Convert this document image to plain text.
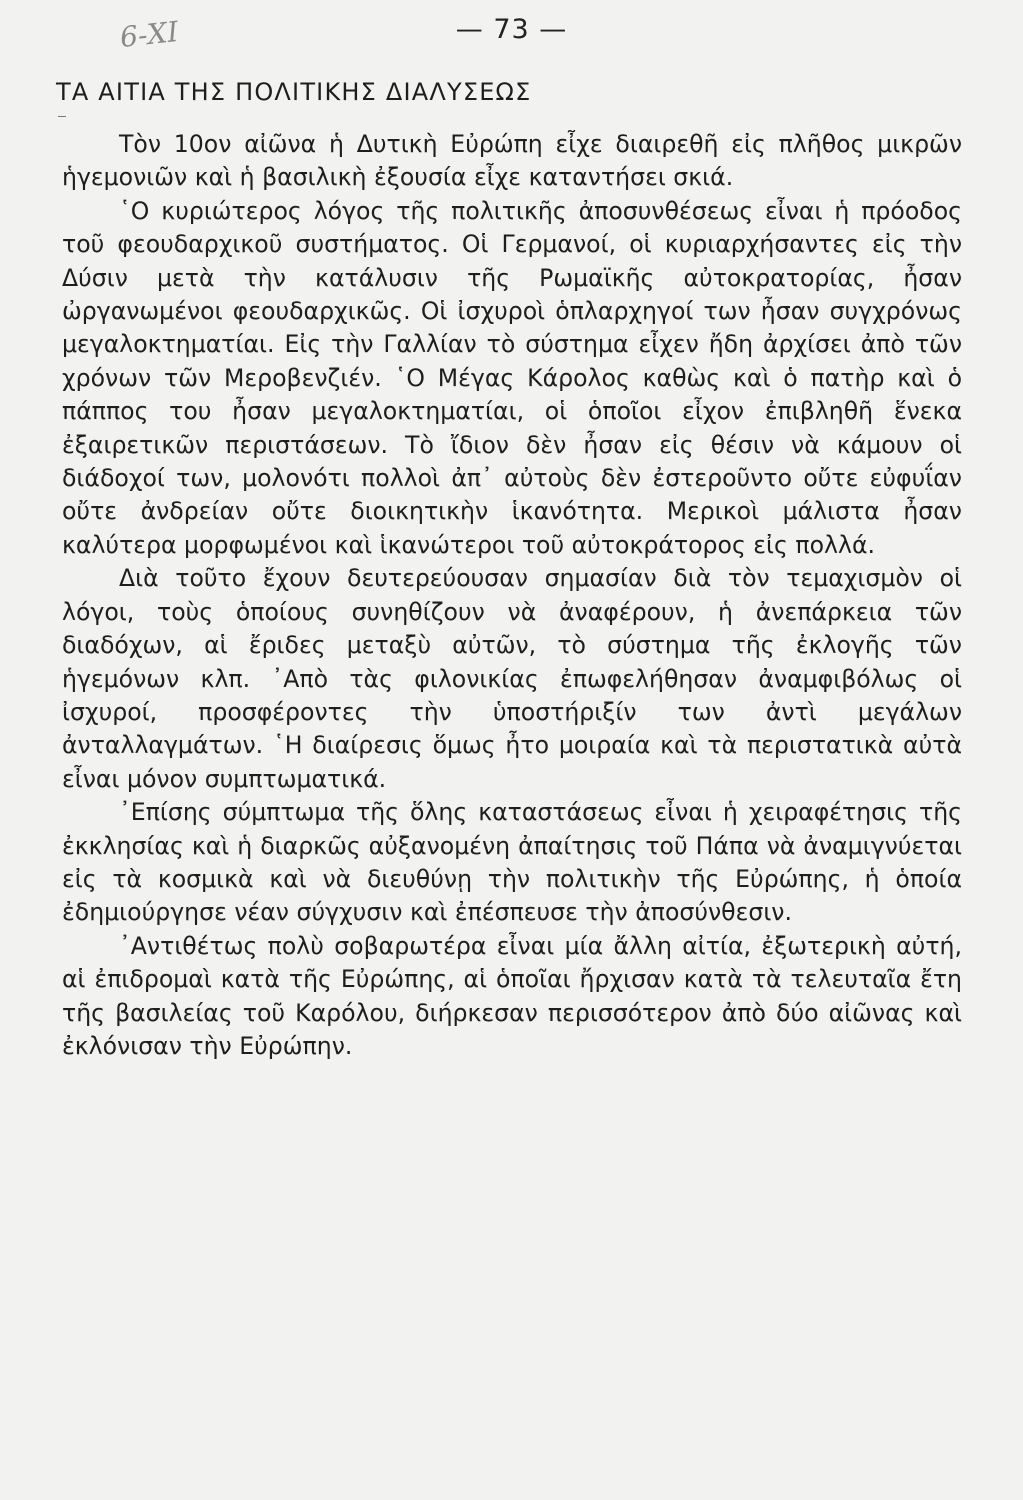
— 73 —
6-ΧΙ
ΤΑ ΑΙΤΙΑ ΤΗΣ ΠΟΛΙΤΙΚΗΣ ΔΙΑΛΥΣΕΩΣ

Τὸν 10ον αἰῶνα ἡ Δυτικὴ Εὐρώπη εἶχε διαιρεθῆ εἰς πλῆθος μικρῶν ἡγεμονιῶν καὶ ἡ βασιλικὴ ἐξουσία εἶχε καταντήσει σκιά.

῾Ο κυριώτερος λόγος τῆς πολιτικῆς ἀποσυνθέσεως εἶναι ἡ πρόοδος τοῦ φεουδαρχικοῦ συστήματος. Οἱ Γερμανοί, οἱ κυριαρχήσαντες εἰς τὴν Δύσιν μετὰ τὴν κατάλυσιν τῆς Ρωμαϊκῆς αὐτοκρατορίας, ἦσαν ὠργανωμένοι φεουδαρχικῶς. Οἱ ἰσχυροὶ ὁπλαρχηγοί των ἦσαν συγχρόνως μεγαλοκτηματίαι. Εἰς τὴν Γαλλίαν τὸ σύστημα εἶχεν ἤδη ἀρχίσει ἀπὸ τῶν χρόνων τῶν Μεροβενζιέν. ῾Ο Μέγας Κάρολος καθὼς καὶ ὁ πατὴρ καὶ ὁ πάππος του ἦσαν μεγαλοκτηματίαι, οἱ ὁποῖοι εἶχον ἐπιβληθῆ ἕνεκα ἐξαιρετικῶν περιστάσεων. Τὸ ἴδιον δὲν ἦσαν εἰς θέσιν νὰ κάμουν οἱ διάδοχοί των, μολονότι πολλοὶ ἀπ᾽ αὐτοὺς δὲν ἐστεροῦντο οὔτε εὐφυΐαν οὔτε ἀνδρείαν οὔτε διοικητικὴν ἱκανότητα. Μερικοὶ μάλιστα ἦσαν καλύτερα μορφωμένοι καὶ ἱκανώτεροι τοῦ αὐτοκράτορος εἰς πολλά.

Διὰ τοῦτο ἔχουν δευτερεύουσαν σημασίαν διὰ τὸν τεμαχισμὸν οἱ λόγοι, τοὺς ὁποίους συνηθίζουν νὰ ἀναφέρουν, ἡ ἀνεπάρκεια τῶν διαδόχων, αἱ ἔριδες μεταξὺ αὐτῶν, τὸ σύστημα τῆς ἐκλογῆς τῶν ἡγεμόνων κλπ. ᾽Απὸ τὰς φιλονικίας ἐπωφελήθησαν ἀναμφιβόλως οἱ ἰσχυροί, προσφέροντες τὴν ὑποστήριξίν των ἀντὶ μεγάλων ἀνταλλαγμάτων. ῾Η διαίρεσις ὅμως ἦτο μοιραία καὶ τὰ περιστατικὰ αὐτὰ εἶναι μόνον συμπτωματικά.

᾽Επίσης σύμπτωμα τῆς ὅλης καταστάσεως εἶναι ἡ χειραφέτησις τῆς ἐκκλησίας καὶ ἡ διαρκῶς αὐξανομένη ἀπαίτησις τοῦ Πάπα νὰ ἀναμιγνύεται εἰς τὰ κοσμικὰ καὶ νὰ διευθύνῃ τὴν πολιτικὴν τῆς Εὐρώπης, ἡ ὁποία ἐδημιούργησε νέαν σύγχυσιν καὶ ἐπέσπευσε τὴν ἀποσύνθεσιν.

᾽Αντιθέτως πολὺ σοβαρωτέρα εἶναι μία ἄλλη αἰτία, ἐξωτερικὴ αὐτή, αἱ ἐπιδρομαὶ κατὰ τῆς Εὐρώπης, αἱ ὁποῖαι ἤρχισαν κατὰ τὰ τελευταῖα ἔτη τῆς βασιλείας τοῦ Καρόλου, διήρκεσαν περισσότερον ἀπὸ δύο αἰῶνας καὶ ἐκλόνισαν τὴν Εὐρώπην.
